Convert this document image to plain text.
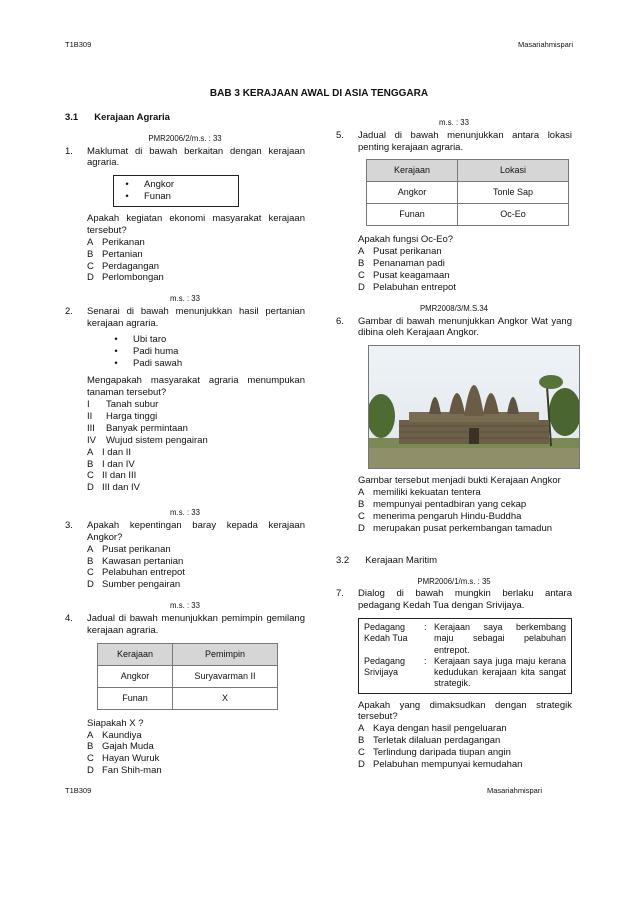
T1B309	Masariahmispari
BAB 3 KERAJAAN AWAL DI ASIA TENGGARA
3.1 Kerajaan Agraria
PMR2006/2/m.s. : 33
1.	Maklumat di bawah berkaitan dengan kerajaan agraria.
•	Angkor
•	Funan
Apakah kegiatan ekonomi masyarakat kerajaan tersebut?
A Perikanan
B Pertanian
C Perdagangan
D Perlombongan
m.s. : 33
2.	Senarai di bawah menunjukkan hasil pertanian kerajaan agraria.
•	Ubi taro
•	Padi huma
•	Padi sawah
Mengapakah masyarakat agraria menumpukan tanaman tersebut?
I	Tanah subur
II	Harga tinggi
III	Banyak permintaan
IV	Wujud sistem pengairan
A I dan II
B I dan IV
C II dan III
D III dan IV
m.s. : 33
3.	Apakah kepentingan baray kepada kerajaan Angkor?
A Pusat perikanan
B Kawasan pertanian
C Pelabuhan entrepot
D Sumber pengairan
m.s. : 33
4.	Jadual di bawah menunjukkan pemimpin gemilang kerajaan agraria.
Kerajaan	Pemimpin
Angkor	Suryavarman II
Funan	X
Siapakah X ?
A Kaundiya
B Gajah Muda
C Hayan Wuruk
D Fan Shih-man
m.s. : 33
5.	Jadual di bawah menunjukkan antara lokasi penting kerajaan agraria.
Kerajaan	Lokasi
Angkor	Tonle Sap
Funan	Oc-Eo
Apakah fungsi Oc-Eo?
A Pusat perikanan
B Penanaman padi
C Pusat keagamaan
D Pelabuhan entrepot
PMR2008/3/M.S.34
6.	Gambar di bawah menunjukkan Angkor Wat yang dibina oleh Kerajaan Angkor.
Gambar tersebut menjadi bukti Kerajaan Angkor
A memiliki kekuatan tentera
B mempunyai pentadbiran yang cekap
C menerima pengaruh Hindu-Buddha
D merupakan pusat perkembangan tamadun
3.2 Kerajaan Maritim
PMR2006/1/m.s. : 35
7.	Dialog di bawah mungkin berlaku antara pedagang Kedah Tua dengan Srivijaya.
Pedagang Kedah Tua
: Kerajaan saya berkembang maju sebagai pelabuhan entrepot.
Pedagang Srivijaya
: Kerajaan saya juga maju kerana kedudukan kerajaan kita sangat strategik.
Apakah yang dimaksudkan dengan strategik tersebut?
A Kaya dengan hasil pengeluaran
B Terletak dilaluan perdagangan
C Terlindung daripada tiupan angin
D Pelabuhan mempunyai kemudahan
T1B309	Masariahmispari
